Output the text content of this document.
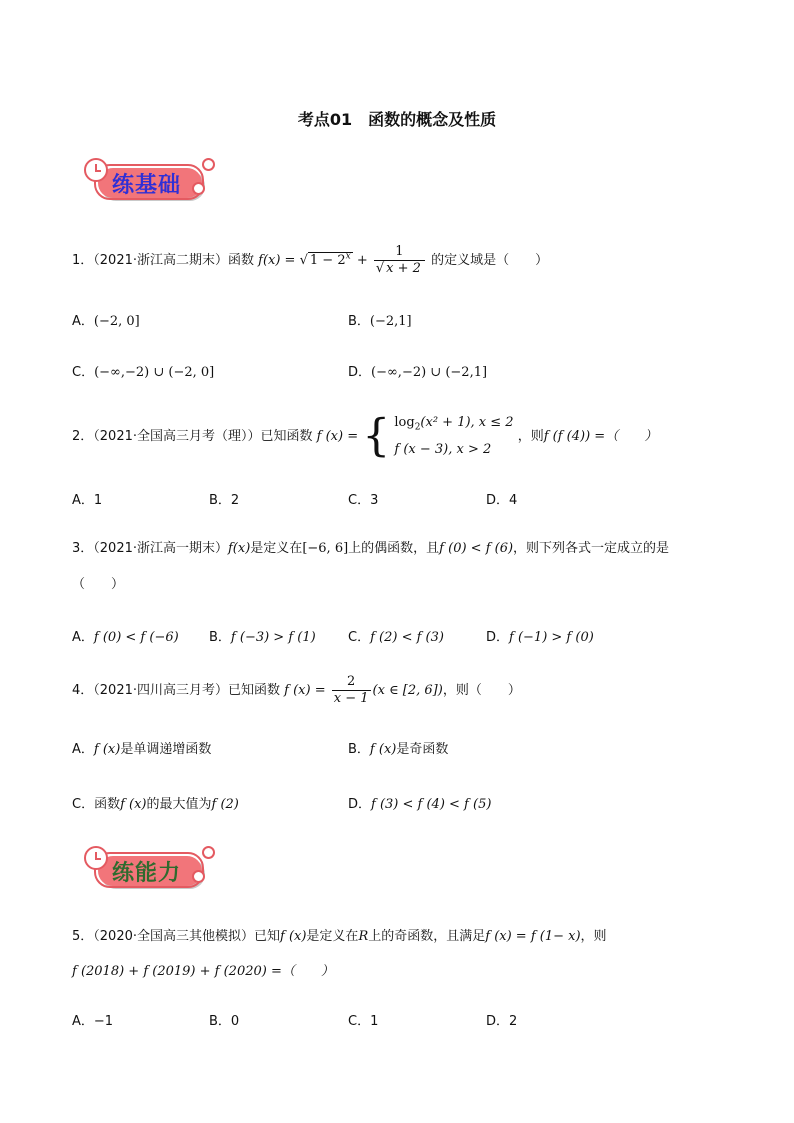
考点01　函数的概念及性质
练基础
1．（2021·浙江高二期末）函数 f(x) = √ $1 - 2^x + \frac{1}{√ x + 2}$ 的定义域是（　　）
A．(−2, 0]	B．(−2,1]
C．(−∞,−2) ∪ (−2, 0]	D．(−∞,−2) ∪ (−2,1]
2．（2021·全国高三月考（理））已知函数 f (x) = { $\log_2(x^2 + 1)$, x ≤ 2
f (x − 3), x > 2
，则f (f (4)) =（　　）
A．1	B．2	C．3	D．4
3．（2021·浙江高一期末）f(x)是定义在[−6, 6]上的偶函数，且f (0) < f (6)，则下列各式一定成立的是
（　　）
A．f (0) < f (−6) B．f (−3) > f (1) C．f (2) < f (3)	D．f (−1) > f (0)
4．（2021·四川高三月考）已知函数 f $(x) = \frac{2}{x - 1} (x$ ∈ [2, 6])，则（　　）
A．f (x)是单调递增函数	B．f (x)是奇函数
C．函数f (x)的最大值为f (2)	D．f (3) < f (4) < f (5)
练能力
5．（2020·全国高三其他模拟）已知f (x)是定义在R上的奇函数，且满足f (x) = f (1− x)，则
f (2018) + f (2019) + f (2020) =（　　）
A．−1	B．0	C．1	D．2
